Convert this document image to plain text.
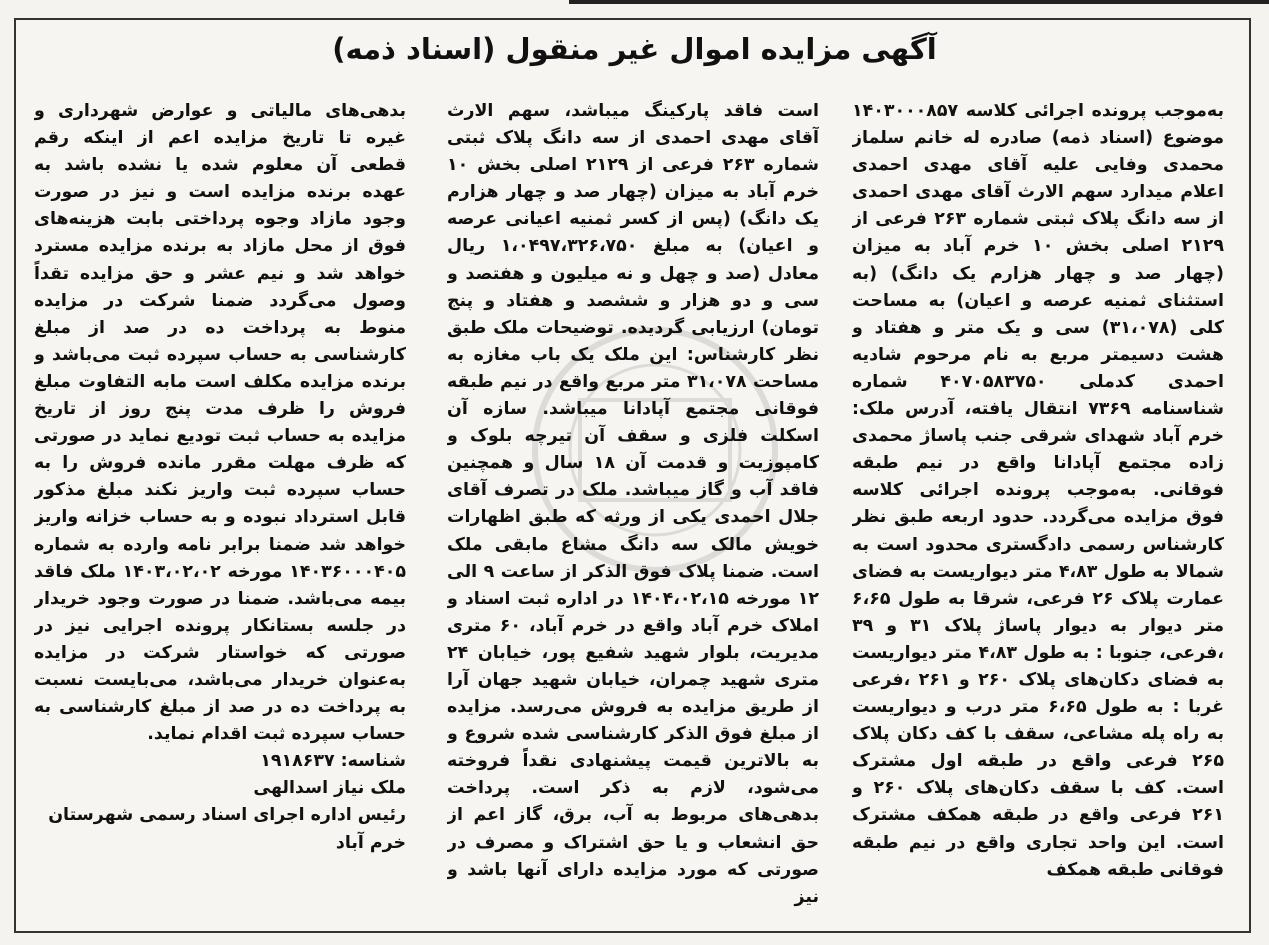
آگهی مزایده اموال غیر منقول (اسناد ذمه)
به‌موجب پرونده اجرائی کلاسه ۱۴۰۳۰۰۰۸۵۷ موضوع (اسناد ذمه) صادره له خانم سلماز محمدی وفایی علیه آقای مهدی احمدی اعلام میدارد سهم الارث آقای مهدی احمدی از سه دانگ پلاک ثبتی شماره ۲۶۳ فرعی از ۲۱۲۹ اصلی بخش ۱۰ خرم آباد به میزان (چهار صد و چهار هزارم یک دانگ) (به استثنای ثمنیه عرصه و اعیان) به مساحت کلی (۳۱،۰۷۸) سی و یک متر و هفتاد و هشت دسیمتر مربع به نام مرحوم شادیه احمدی کدملی ۴۰۷۰۵۸۳۷۵۰ شماره شناسنامه ۷۳۶۹ انتقال یافته، آدرس ملک: خرم آباد شهدای شرقی جنب پاساژ محمدی زاده مجتمع آپادانا واقع در نیم طبقه فوقانی. به‌موجب پرونده اجرائی کلاسه فوق مزایده می‌گردد. حدود اربعه طبق نظر کارشناس رسمی دادگستری محدود است به شمالا به طول ۴،۸۳ متر دیواریست به فضای عمارت پلاک ۲۶ فرعی، شرقا به طول ۶،۶۵ متر دیوار به دیوار پاساژ پلاک ۳۱ و ۳۹ ،فرعی، جنوبا : به طول ۴،۸۳ متر دیواریست به فضای دکان‌های پلاک ۲۶۰ و ۲۶۱ ،فرعی غربا : به طول ۶،۶۵ متر درب و دیواریست به راه پله مشاعی، سقف با کف دکان پلاک ۲۶۵ فرعی واقع در طبقه اول مشترک است. کف با سقف دکان‌های پلاک ۲۶۰ و ۲۶۱ فرعی واقع در طبقه همکف مشترک است. این واحد تجاری واقع در نیم طبقه فوقانی طبقه همکف
است فاقد پارکینگ میباشد، سهم الارث آقای مهدی احمدی از سه دانگ پلاک ثبتی شماره ۲۶۳ فرعی از ۲۱۲۹ اصلی بخش ۱۰ خرم آباد به میزان (چهار صد و چهار هزارم یک دانگ) (پس از کسر ثمنیه اعیانی عرصه و اعیان) به مبلغ ۱،۰۴۹۷،۳۲۶،۷۵۰ ریال معادل (صد و چهل و نه میلیون و هفتصد و سی و دو هزار و ششصد و هفتاد و پنج تومان) ارزیابی گردیده. توضیحات ملک طبق نظر کارشناس: این ملک یک باب مغازه به مساحت ۳۱،۰۷۸ متر مربع واقع در نیم طبقه فوقانی مجتمع آپادانا میباشد. سازه آن اسکلت فلزی و سقف آن تیرچه بلوک و کامپوزیت و قدمت آن ۱۸ سال و همچنین فاقد آب و گاز میباشد. ملک در تصرف آقای جلال احمدی یکی از ورثه که طبق اظهارات خویش مالک سه دانگ مشاع مابقی ملک است. ضمنا پلاک فوق الذکر از ساعت ۹ الی ۱۲ مورخه ۱۴۰۴،۰۲،۱۵ در اداره ثبت اسناد و املاک خرم آباد واقع در خرم آباد، ۶۰ متری مدیریت، بلوار شهید شفیع پور، خیابان ۲۴ متری شهید چمران، خیابان شهید جهان آرا از طریق مزایده به فروش می‌رسد. مزایده از مبلغ فوق الذکر کارشناسی شده شروع و به بالاترین قیمت پیشنهادی نقداً فروخته می‌شود، لازم به ذکر است. پرداخت بدهی‌های مربوط به آب، برق، گاز اعم از حق انشعاب و یا حق اشتراک و مصرف در صورتی که مورد مزایده دارای آنها باشد و نیز
بدهی‌های مالیاتی و عوارض شهرداری و غیره تا تاریخ مزایده اعم از اینکه رقم قطعی آن معلوم شده یا نشده باشد به عهده برنده مزایده است و نیز در صورت وجود مازاد وجوه پرداختی بابت هزینه‌های فوق از محل مازاد به برنده مزایده مسترد خواهد شد و نیم عشر و حق مزایده تقداً وصول می‌گردد ضمنا شرکت در مزایده منوط به پرداخت ده در صد از مبلغ کارشناسی به حساب سپرده ثبت می‌باشد و برنده مزایده مکلف است مابه التفاوت مبلغ فروش را ظرف مدت پنج روز از تاریخ مزایده به حساب ثبت تودیع نماید در صورتی که ظرف مهلت مقرر مانده فروش را به حساب سپرده ثبت واریز نکند مبلغ مذکور قابل استرداد نبوده و به حساب خزانه واریز خواهد شد ضمنا برابر نامه وارده به شماره ۱۴۰۳۶۰۰۰۴۰۵ مورخه ۱۴۰۳،۰۲،۰۲ ملک فاقد بیمه می‌باشد. ضمنا در صورت وجود خریدار در جلسه بستانکار پرونده اجرایی نیز در صورتی که خواستار شرکت در مزایده به‌عنوان خریدار می‌باشد، می‌بایست نسبت به پرداخت ده در صد از مبلغ کارشناسی به حساب سپرده ثبت اقدام نماید.
شناسه: ۱۹۱۸۶۳۷
ملک نیاز اسدالهی
رئیس اداره اجرای اسناد رسمی شهرستان خرم آباد
